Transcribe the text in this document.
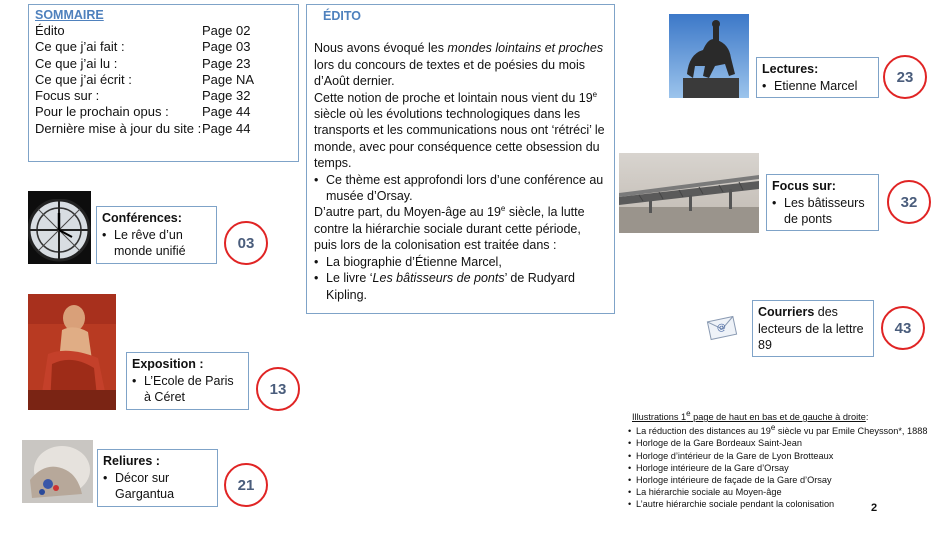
SOMMAIRE
Édito	Page 02
Ce que j’ai fait :	Page 03
Ce que j’ai lu :	Page 23
Ce que j’ai écrit :	Page NA
Focus sur :	Page 32
Pour le prochain opus :	Page 44
Dernière mise à jour du site : Page 44
ÉDITO

Nous avons évoqué les mondes lointains et proches lors du concours de textes et de poésies du mois d’Août dernier.

Cette notion de proche et lointain nous vient du 19e siècle où les évolutions technologiques dans les transports et les communications nous ont ‘rétréci’ le monde, avec pour conséquence cette obsession du temps.

• Ce thème est approfondi lors d’une conférence au musée d’Orsay.

D’autre part, du Moyen-âge au 19e siècle, la lutte contre la hiérarchie sociale durant cette période, puis lors de la colonisation est traitée dans :

• La biographie d’Étienne Marcel,
• Le livre ‘Les bâtisseurs de ponts’ de Rudyard Kipling.
Conférences:
• Le rêve d’un monde unifié	03
Exposition :
• L’Ecole de Paris à Céret	13
Reliures :
• Décor sur Gargantua
21
Lectures:
• Etienne Marcel	23
Focus sur:
• Les bâtisseurs de ponts
32
@
Courriers des lecteurs de la lettre 89
43
Illustrations 1e page de haut en bas et de gauche à droite:
• La réduction des distances au 19e siècle vu par Emile Cheysson*, 1888
• Horloge de la Gare Bordeaux Saint-Jean
• Horloge d’intérieur de la Gare de Lyon Brotteaux
• Horloge intérieure de la Gare d’Orsay
• Horloge intérieure de façade de la Gare d’Orsay
• La hiérarchie sociale au Moyen-âge
• L’autre hiérarchie sociale pendant la colonisation	2
